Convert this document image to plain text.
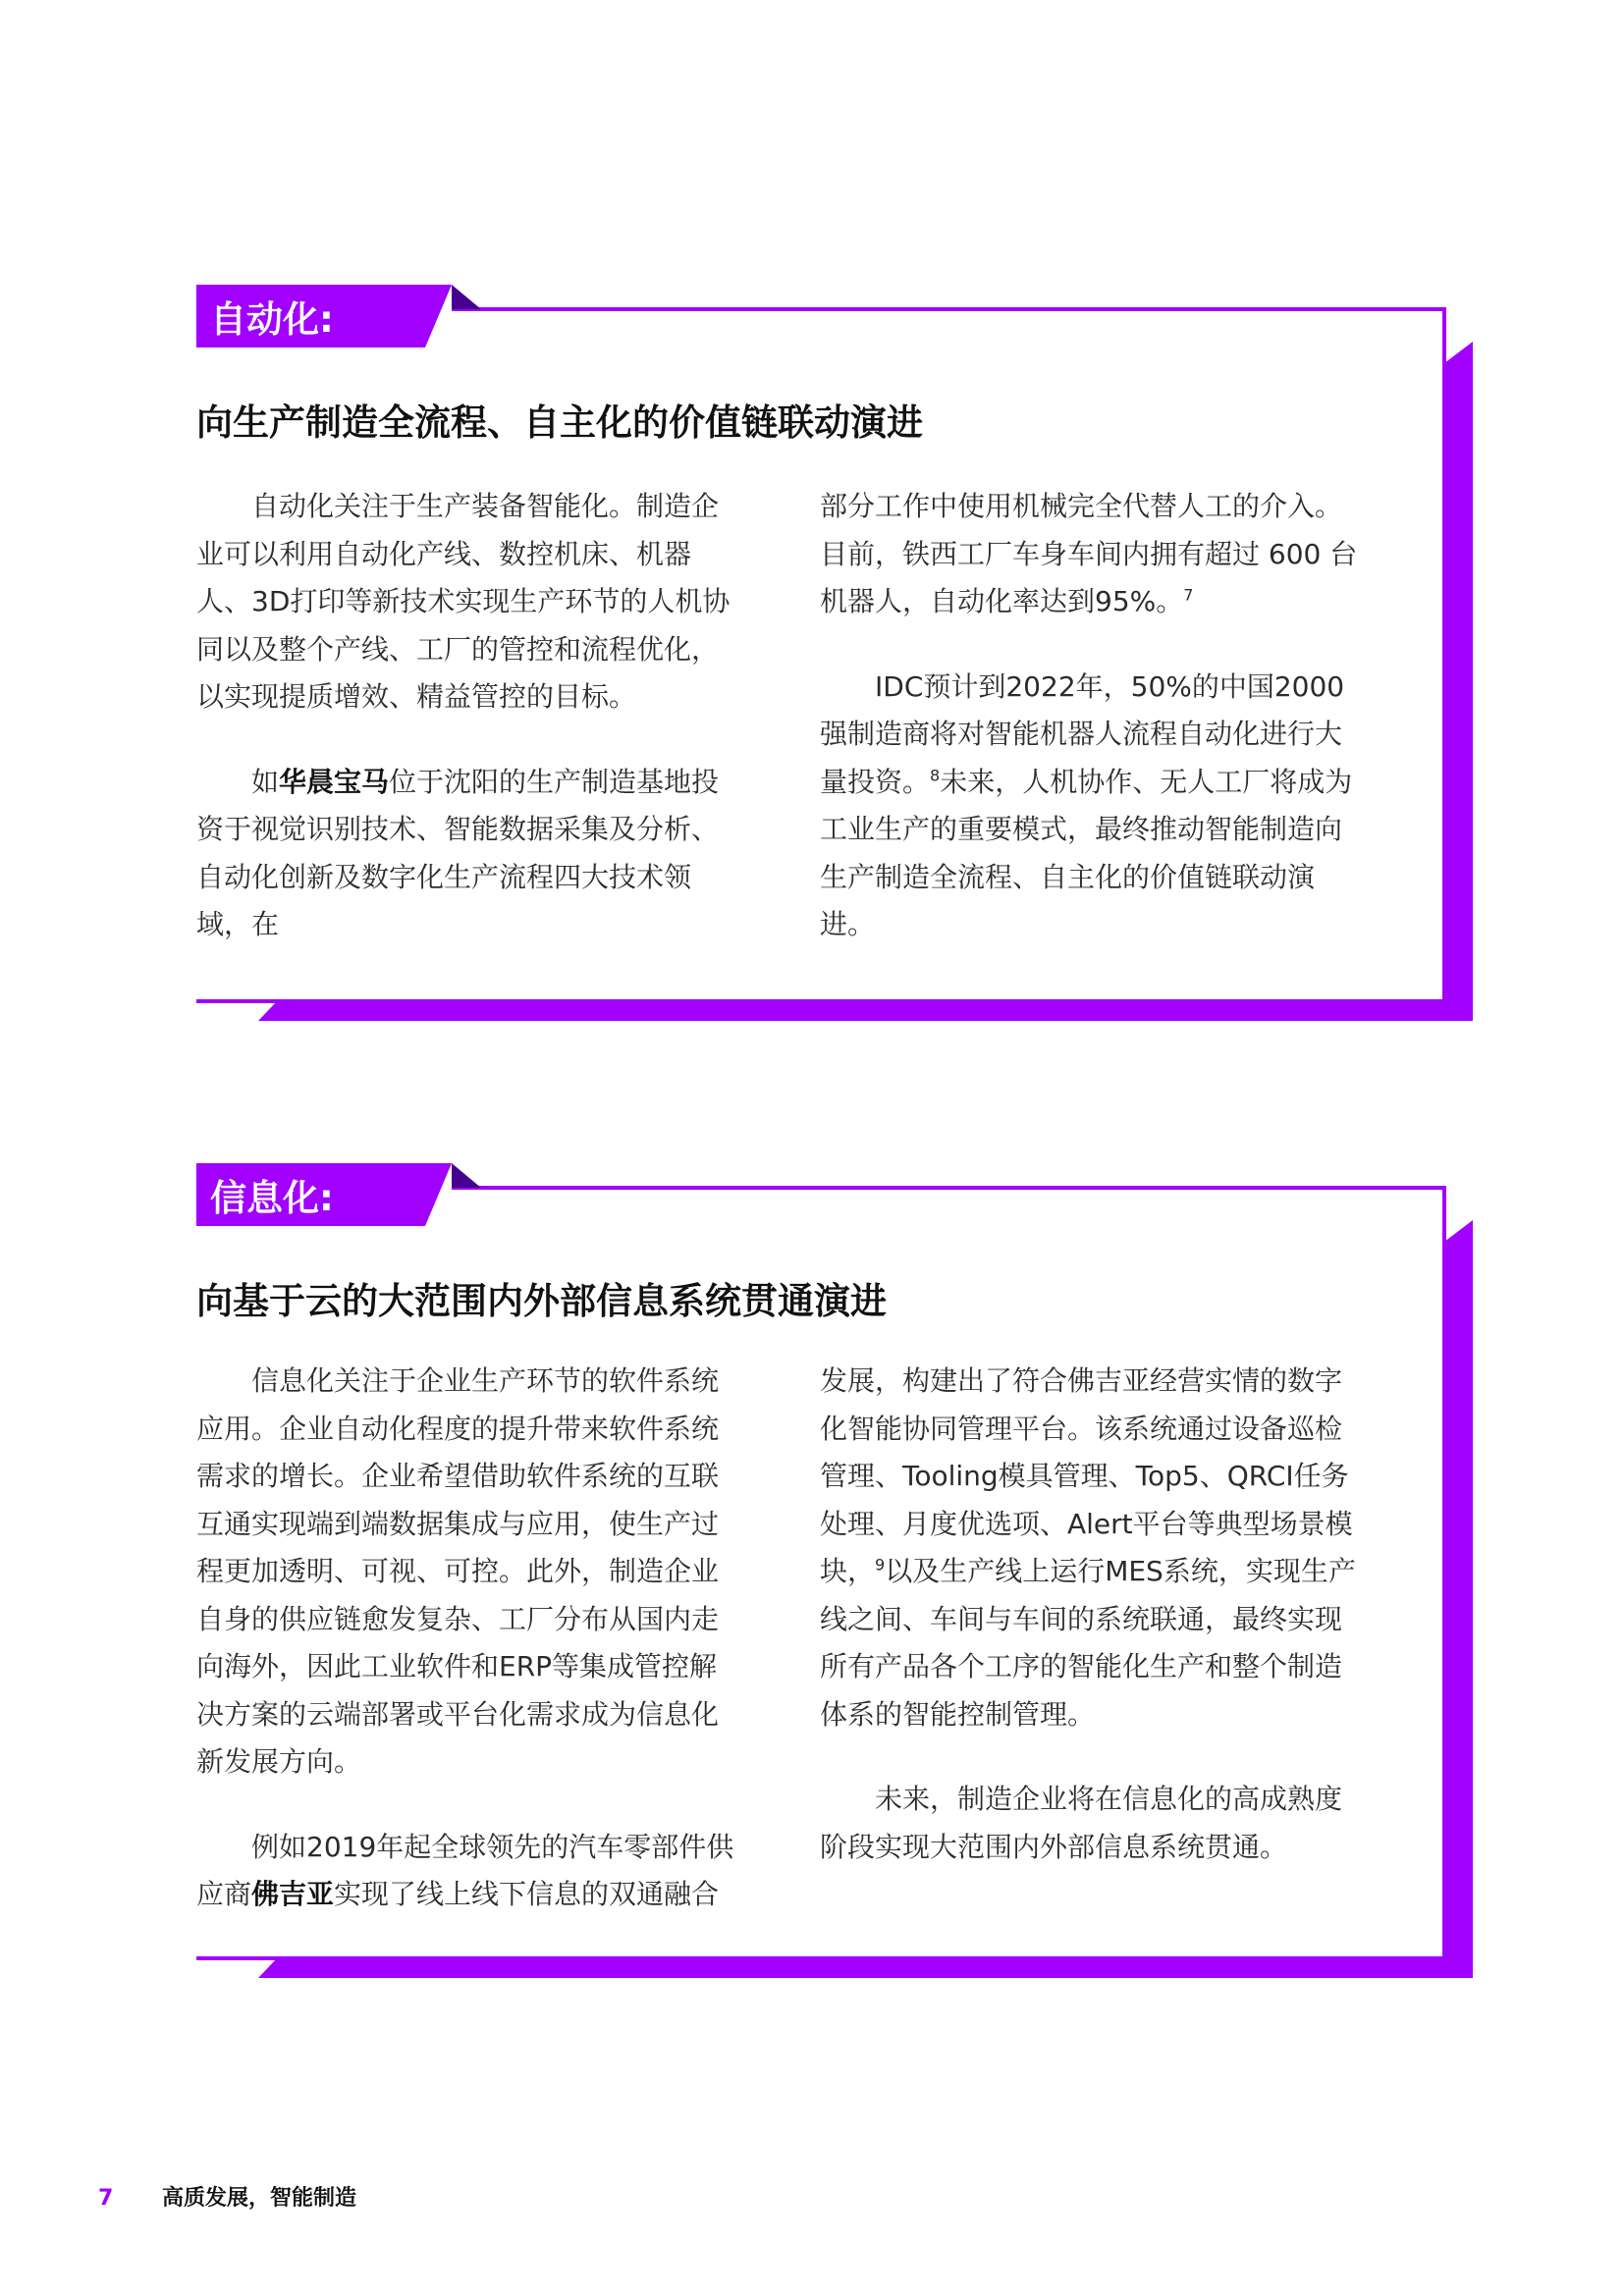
自动化:
向生产制造全流程、自主化的价值链联动演进

自动化关注于生产装备智能化。制造企业可以利用自动化产线、数控机床、机器人、3D打印等新技术实现生产环节的人机协同以及整个产线、工厂的管控和流程优化，以实现提质增效、精益管控的目标。

如华晨宝马位于沈阳的生产制造基地投资于视觉识别技术、智能数据采集及分析、自动化创新及数字化生产流程四大技术领域，在

部分工作中使用机械完全代替人工的介入。目前，铁西工厂车身车间内拥有超过 600 台机器人，自动化率达到95%。$^7$

IDC预计到2022年，50%的中国2000强制造商将对智能机器人流程自动化进行大量投资。$^8$未来，人机协作、无人工厂将成为工业生产的重要模式，最终推动智能制造向生产制造全流程、自主化的价值链联动演进。

信息化:
向基于云的大范围内外部信息系统贯通演进

信息化关注于企业生产环节的软件系统应用。企业自动化程度的提升带来软件系统需求的增长。企业希望借助软件系统的互联互通实现端到端数据集成与应用，使生产过程更加透明、可视、可控。此外，制造企业自身的供应链愈发复杂、工厂分布从国内走向海外，因此工业软件和ERP等集成管控解决方案的云端部署或平台化需求成为信息化新发展方向。

例如2019年起全球领先的汽车零部件供应商佛吉亚实现了线上线下信息的双通融合

发展，构建出了符合佛吉亚经营实情的数字化智能协同管理平台。该系统通过设备巡检管理、Tooling模具管理、Top5、QRCI任务处理、月度优选项、Alert平台等典型场景模块，$^9$以及生产线上运行MES系统，实现生产线之间、车间与车间的系统联通，最终实现所有产品各个工序的智能化生产和整个制造体系的智能控制管理。

未来，制造企业将在信息化的高成熟度阶段实现大范围内外部信息系统贯通。

7 高质发展，智能制造
